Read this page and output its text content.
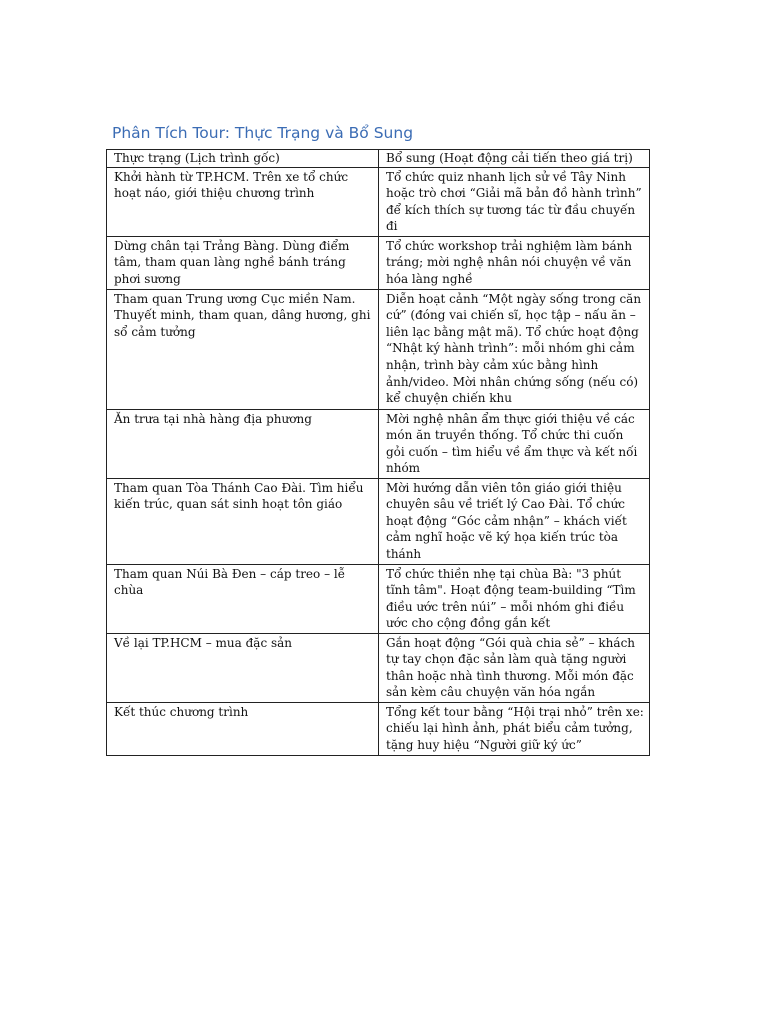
Phân Tích Tour: Thực Trạng và Bổ Sung
Thực trạng (Lịch trình gốc)	Bổ sung (Hoạt động cải tiến theo giá trị)
Khởi hành từ TP.HCM. Trên xe tổ chức hoạt náo, giới thiệu chương trình	Tổ chức quiz nhanh lịch sử về Tây Ninh hoặc trò chơi “Giải mã bản đồ hành trình” để kích thích sự tương tác từ đầu chuyến đi
Dừng chân tại Trảng Bàng. Dùng điểm tâm, tham quan làng nghề bánh tráng phơi sương	Tổ chức workshop trải nghiệm làm bánh tráng; mời nghệ nhân nói chuyện về văn hóa làng nghề
Tham quan Trung ương Cục miền Nam. Thuyết minh, tham quan, dâng hương, ghi sổ cảm tưởng	Diễn hoạt cảnh “Một ngày sống trong căn cứ” (đóng vai chiến sĩ, học tập – nấu ăn – liên lạc bằng mật mã). Tổ chức hoạt động “Nhật ký hành trình”: mỗi nhóm ghi cảm nhận, trình bày cảm xúc bằng hình ảnh/video. Mời nhân chứng sống (nếu có) kể chuyện chiến khu
Ăn trưa tại nhà hàng địa phương	Mời nghệ nhân ẩm thực giới thiệu về các món ăn truyền thống. Tổ chức thi cuốn gỏi cuốn – tìm hiểu về ẩm thực và kết nối nhóm
Tham quan Tòa Thánh Cao Đài. Tìm hiểu kiến trúc, quan sát sinh hoạt tôn giáo	Mời hướng dẫn viên tôn giáo giới thiệu chuyên sâu về triết lý Cao Đài. Tổ chức hoạt động “Góc cảm nhận” – khách viết cảm nghĩ hoặc vẽ ký họa kiến trúc tòa thánh
Tham quan Núi Bà Đen – cáp treo – lễ chùa	Tổ chức thiền nhẹ tại chùa Bà: "3 phút tĩnh tâm". Hoạt động team-building “Tìm điều ước trên núi” – mỗi nhóm ghi điều ước cho cộng đồng gắn kết
Về lại TP.HCM – mua đặc sản	Gắn hoạt động “Gói quà chia sẻ” – khách tự tay chọn đặc sản làm quà tặng người thân hoặc nhà tình thương. Mỗi món đặc sản kèm câu chuyện văn hóa ngắn
Kết thúc chương trình	Tổng kết tour bằng “Hội trại nhỏ” trên xe: chiếu lại hình ảnh, phát biểu cảm tưởng, tặng huy hiệu “Người giữ ký ức”
